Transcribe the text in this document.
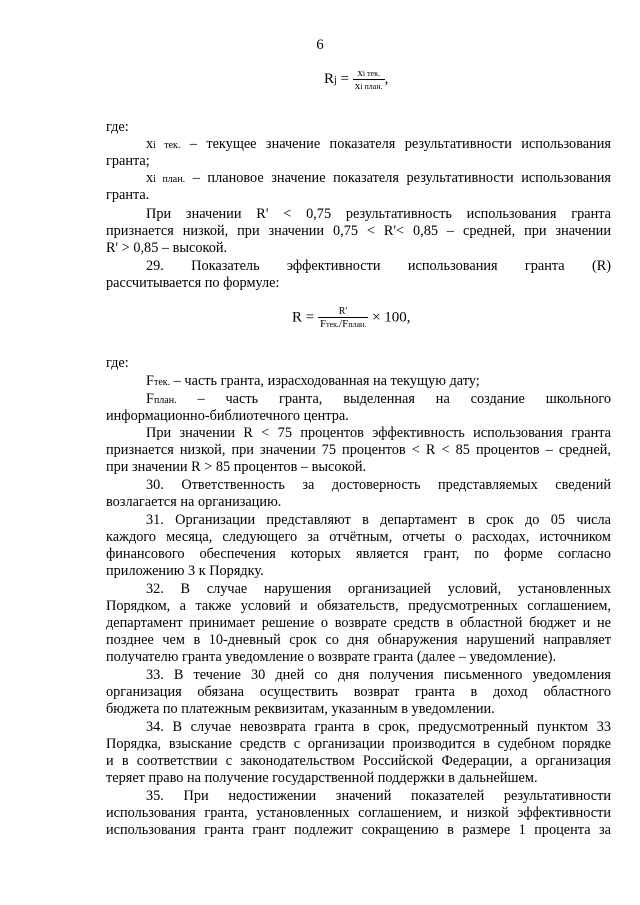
6
$Rj = \frac{\text{xi тек.}}{\text{xi план.}}$ ,
где:
xi тек. – текущее значение показателя результативности использования
гранта;
xi план. – плановое значение показателя результативности использования
гранта.
При значении R' < 0,75 результативность использования гранта
признается низкой, при значении 0,75 < R'< 0,85 – средней, при значении
R' > 0,85 – высокой.
29. Показатель эффективности использования гранта (R)
рассчитывается по формуле:
$R = \frac{R'}{\text{Fтек./Fплан.}} \times 100$,
где:
Fтек. – часть гранта, израсходованная на текущую дату;
Fплан. – часть гранта, выделенная на создание школьного
информационно-библиотечного центра.
При значении R < 75 процентов эффективность использования гранта
признается низкой, при значении 75 процентов < R < 85 процентов – средней,
при значении R > 85 процентов – высокой.
30. Ответственность за достоверность представляемых сведений
возлагается на организацию.
31. Организации представляют в департамент в срок до 05 числа
каждого месяца, следующего за отчётным, отчеты о расходах, источником
финансового обеспечения которых является грант, по форме согласно
приложению 3 к Порядку.
32. В случае нарушения организацией условий, установленных
Порядком, а также условий и обязательств, предусмотренных соглашением,
департамент принимает решение о возврате средств в областной бюджет и не
позднее чем в 10-дневный срок со дня обнаружения нарушений направляет
получателю гранта уведомление о возврате гранта (далее – уведомление).
33. В течение 30 дней со дня получения письменного уведомления
организация обязана осуществить возврат гранта в доход областного
бюджета по платежным реквизитам, указанным в уведомлении.
34. В случае невозврата гранта в срок, предусмотренный пунктом 33
Порядка, взыскание средств с организации производится в судебном порядке
и в соответствии с законодательством Российской Федерации, а организация
теряет право на получение государственной поддержки в дальнейшем.
35. При недостижении значений показателей результативности
использования гранта, установленных соглашением, и низкой эффективности
использования гранта грант подлежит сокращению в размере 1 процента за
